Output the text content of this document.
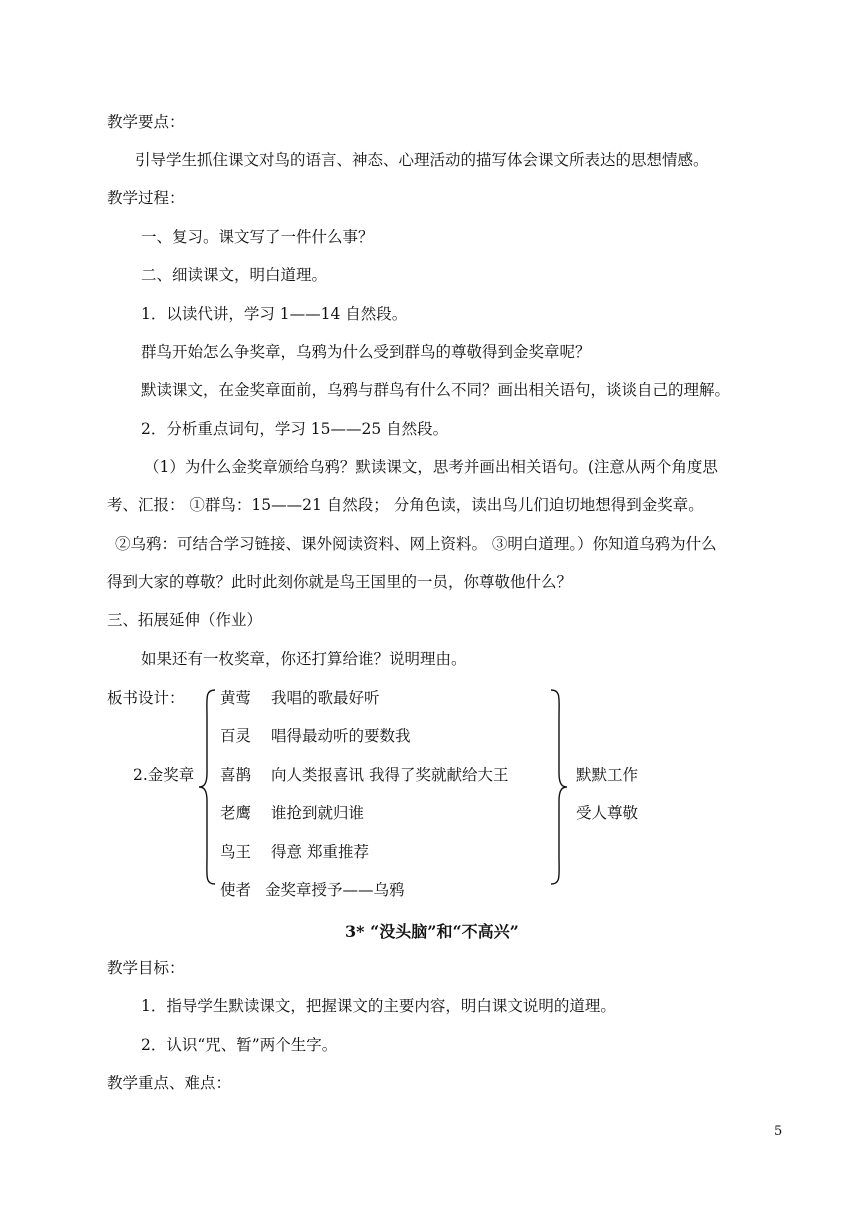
教学要点：
引导学生抓住课文对鸟的语言、神态、心理活动的描写体会课文所表达的思想情感。
教学过程：
一、复习。课文写了一件什么事？
二、细读课文，明白道理。
1．以读代讲，学习 1——14 自然段。
群鸟开始怎么争奖章，乌鸦为什么受到群鸟的尊敬得到金奖章呢？
默读课文，在金奖章面前，乌鸦与群鸟有什么不同？画出相关语句，谈谈自己的理解。
2．分析重点词句，学习 15——25 自然段。
（1）为什么金奖章颁给乌鸦？默读课文，思考并画出相关语句。(注意从两个角度思
考、汇报： ①群鸟：15——21 自然段； 分角色读，读出鸟儿们迫切地想得到金奖章。
②乌鸦：可结合学习链接、课外阅读资料、网上资料。 ③明白道理。）你知道乌鸦为什么
得到大家的尊敬？此时此刻你就是鸟王国里的一员，你尊敬他什么？
三、拓展延伸（作业）
如果还有一枚奖章，你还打算给谁？说明理由。
板书设计：
2.金奖章
黄莺 我唱的歌最好听
百灵 唱得最动听的要数我
喜鹊 向人类报喜讯 我得了奖就献给大王
老鹰 谁抢到就归谁
鸟王 得意 郑重推荐
使者 金奖章授予——乌鸦
默默工作
受人尊敬
3* “没头脑”和“不高兴”
教学目标：
1．指导学生默读课文，把握课文的主要内容，明白课文说明的道理。
2．认识“咒、暂”两个生字。
教学重点、难点：
5
